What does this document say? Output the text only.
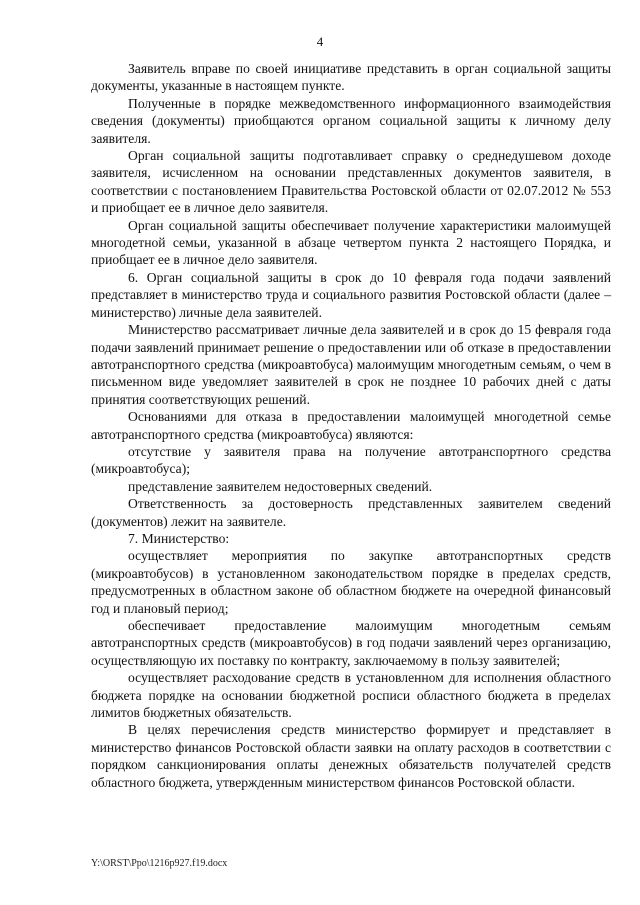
4

Заявитель вправе по своей инициативе представить в орган социальной защиты документы, указанные в настоящем пункте.

Полученные в порядке межведомственного информационного взаимодействия сведения (документы) приобщаются органом социальной защиты к личному делу заявителя.

Орган социальной защиты подготавливает справку о среднедушевом доходе заявителя, исчисленном на основании представленных документов заявителя, в соответствии с постановлением Правительства Ростовской области от 02.07.2012 № 553 и приобщает ее в личное дело заявителя.

Орган социальной защиты обеспечивает получение характеристики малоимущей многодетной семьи, указанной в абзаце четвертом пункта 2 настоящего Порядка, и приобщает ее в личное дело заявителя.

6. Орган социальной защиты в срок до 10 февраля года подачи заявлений представляет в министерство труда и социального развития Ростовской области (далее – министерство) личные дела заявителей.

Министерство рассматривает личные дела заявителей и в срок до 15 февраля года подачи заявлений принимает решение о предоставлении или об отказе в предоставлении автотранспортного средства (микроавтобуса) малоимущим многодетным семьям, о чем в письменном виде уведомляет заявителей в срок не позднее 10 рабочих дней с даты принятия соответствующих решений.

Основаниями для отказа в предоставлении малоимущей многодетной семье автотранспортного средства (микроавтобуса) являются:

отсутствие у заявителя права на получение автотранспортного средства (микроавтобуса);

представление заявителем недостоверных сведений.

Ответственность за достоверность представленных заявителем сведений (документов) лежит на заявителе.

7. Министерство:

осуществляет мероприятия по закупке автотранспортных средств (микроавтобусов) в установленном законодательством порядке в пределах средств, предусмотренных в областном законе об областном бюджете на очередной финансовый год и плановый период;

обеспечивает предоставление малоимущим многодетным семьям автотранспортных средств (микроавтобусов) в год подачи заявлений через организацию, осуществляющую их поставку по контракту, заключаемому в пользу заявителей;

осуществляет расходование средств в установленном для исполнения областного бюджета порядке на основании бюджетной росписи областного бюджета в пределах лимитов бюджетных обязательств.

В целях перечисления средств министерство формирует и представляет в министерство финансов Ростовской области заявки на оплату расходов в соответствии с порядком санкционирования оплаты денежных обязательств получателей средств областного бюджета, утвержденным министерством финансов Ростовской области.

Y:\ORST\Ppo\1216p927.f19.docx
